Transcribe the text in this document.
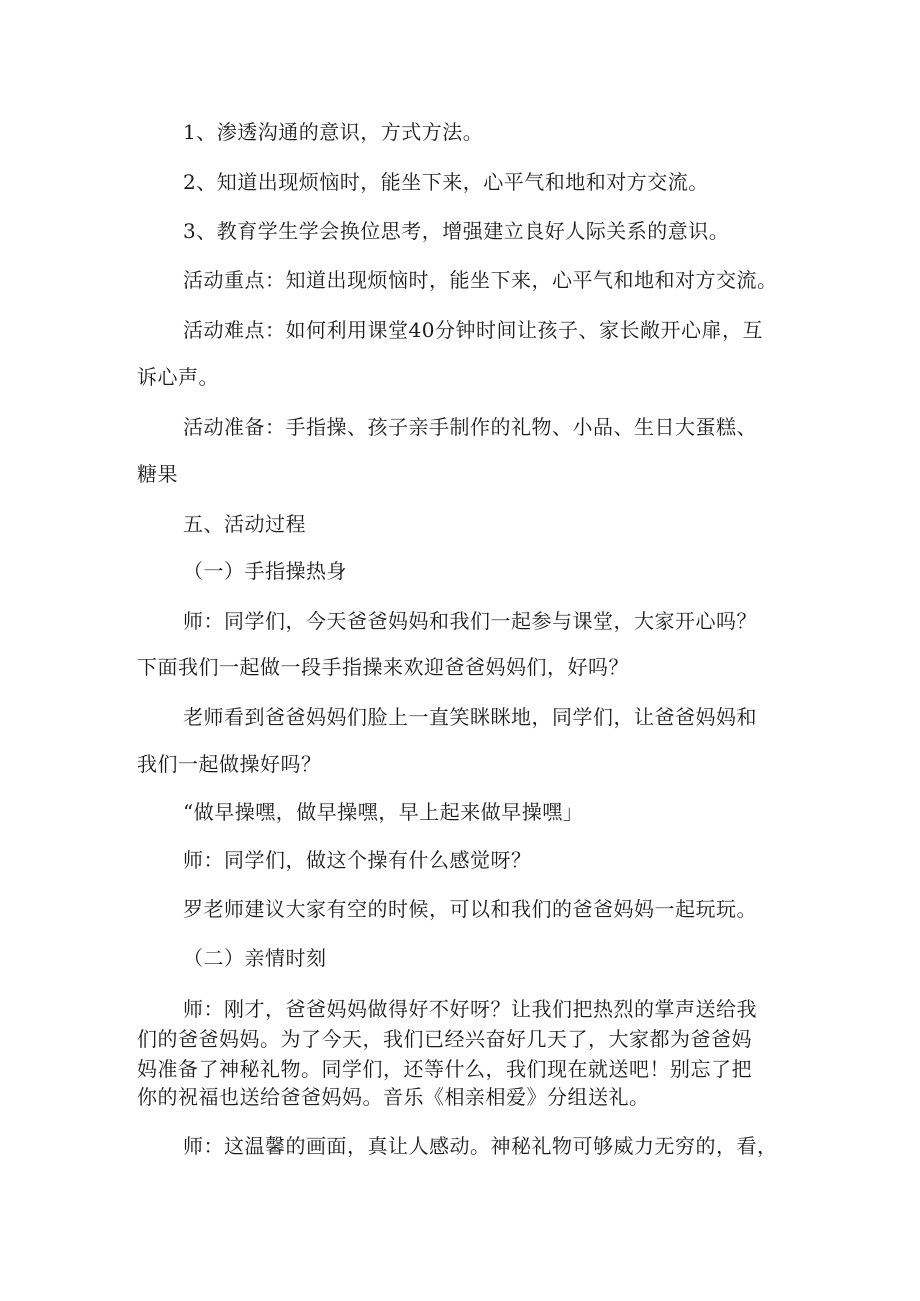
1、渗透沟通的意识，方式方法。
2、知道出现烦恼时，能坐下来，心平气和地和对方交流。
3、教育学生学会换位思考，增强建立良好人际关系的意识。
活动重点：知道出现烦恼时，能坐下来，心平气和地和对方交流。
活动难点：如何利用课堂40分钟时间让孩子、家长敞开心扉，互
诉心声。
活动准备：手指操、孩子亲手制作的礼物、小品、生日大蛋糕、
糖果
五、活动过程
（一）手指操热身
师：同学们，今天爸爸妈妈和我们一起参与课堂，大家开心吗？
下面我们一起做一段手指操来欢迎爸爸妈妈们，好吗？
老师看到爸爸妈妈们脸上一直笑眯眯地，同学们，让爸爸妈妈和
我们一起做操好吗？
“做早操嘿，做早操嘿，早上起来做早操嘿」
师：同学们，做这个操有什么感觉呀？
罗老师建议大家有空的时候，可以和我们的爸爸妈妈一起玩玩。
（二）亲情时刻
师：刚才，爸爸妈妈做得好不好呀？让我们把热烈的掌声送给我
们的爸爸妈妈。为了今天，我们已经兴奋好几天了，大家都为爸爸妈
妈准备了神秘礼物。同学们，还等什么，我们现在就送吧！别忘了把
你的祝福也送给爸爸妈妈。音乐《相亲相爱》分组送礼。
师：这温馨的画面，真让人感动。神秘礼物可够威力无穷的，看，
